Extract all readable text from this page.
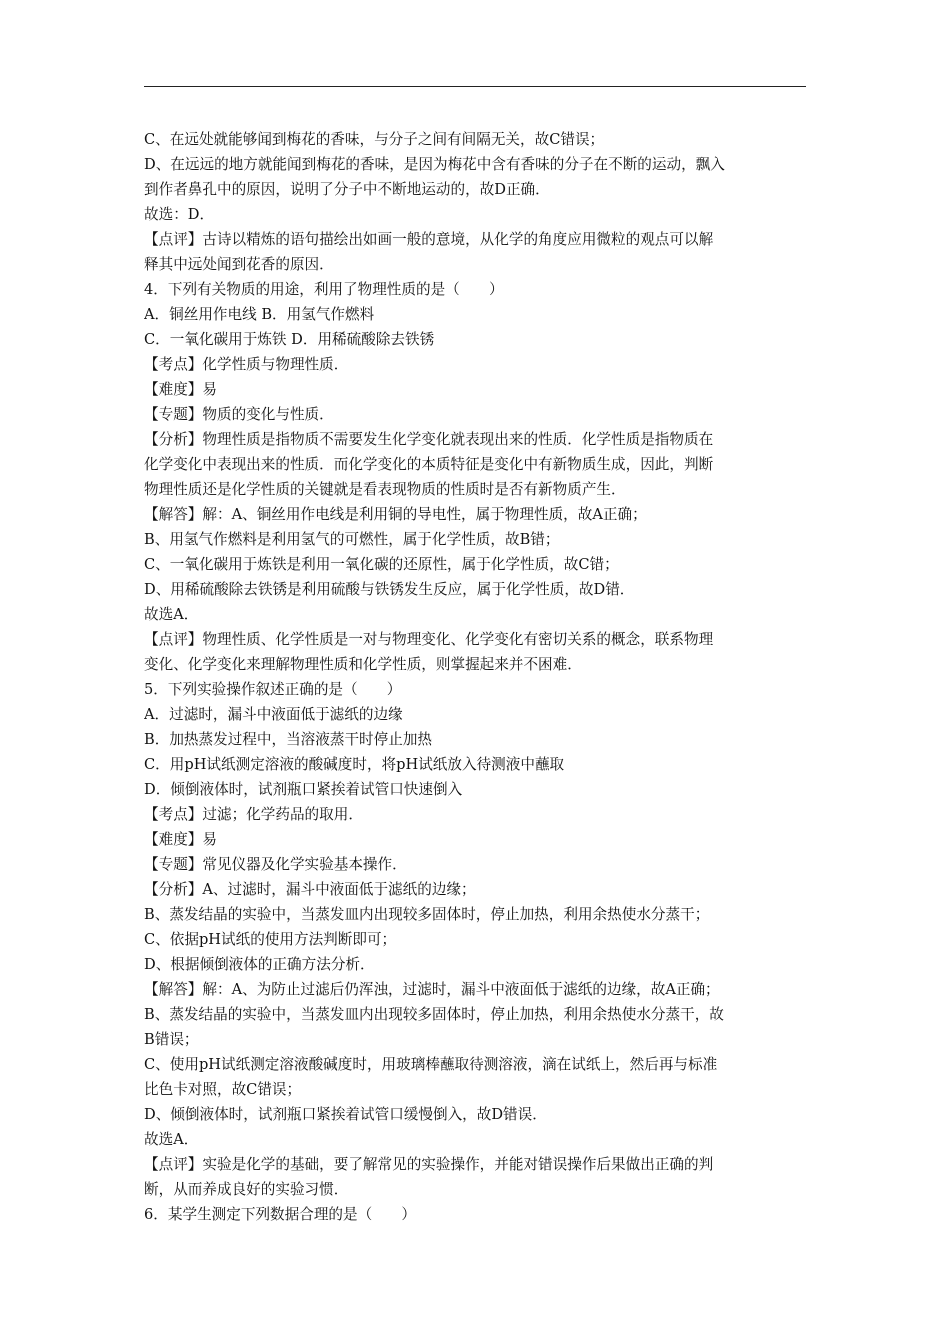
C、在远处就能够闻到梅花的香味，与分子之间有间隔无关，故C错误；
D、在远远的地方就能闻到梅花的香味，是因为梅花中含有香味的分子在不断的运动，飘入
到作者鼻孔中的原因，说明了分子中不断地运动的，故D正确．
故选：D．
【点评】古诗以精炼的语句描绘出如画一般的意境，从化学的角度应用微粒的观点可以解
释其中远处闻到花香的原因．
4．下列有关物质的用途，利用了物理性质的是（　　）
A．铜丝用作电线 B．用氢气作燃料
C．一氧化碳用于炼铁 D．用稀硫酸除去铁锈
【考点】化学性质与物理性质．
【难度】易
【专题】物质的变化与性质．
【分析】物理性质是指物质不需要发生化学变化就表现出来的性质．化学性质是指物质在
化学变化中表现出来的性质．而化学变化的本质特征是变化中有新物质生成，因此，判断
物理性质还是化学性质的关键就是看表现物质的性质时是否有新物质产生．
【解答】解：A、铜丝用作电线是利用铜的导电性，属于物理性质，故A正确；
B、用氢气作燃料是利用氢气的可燃性，属于化学性质，故B错；
C、一氧化碳用于炼铁是利用一氧化碳的还原性，属于化学性质，故C错；
D、用稀硫酸除去铁锈是利用硫酸与铁锈发生反应，属于化学性质，故D错．
故选A．
【点评】物理性质、化学性质是一对与物理变化、化学变化有密切关系的概念，联系物理
变化、化学变化来理解物理性质和化学性质，则掌握起来并不困难．
5．下列实验操作叙述正确的是（　　）
A．过滤时，漏斗中液面低于滤纸的边缘
B．加热蒸发过程中，当溶液蒸干时停止加热
C．用pH试纸测定溶液的酸碱度时，将pH试纸放入待测液中蘸取
D．倾倒液体时，试剂瓶口紧挨着试管口快速倒入
【考点】过滤；化学药品的取用．
【难度】易
【专题】常见仪器及化学实验基本操作．
【分析】A、过滤时，漏斗中液面低于滤纸的边缘；
B、蒸发结晶的实验中，当蒸发皿内出现较多固体时，停止加热，利用余热使水分蒸干；
C、依据pH试纸的使用方法判断即可；
D、根据倾倒液体的正确方法分析．
【解答】解：A、为防止过滤后仍浑浊，过滤时，漏斗中液面低于滤纸的边缘，故A正确；
B、蒸发结晶的实验中，当蒸发皿内出现较多固体时，停止加热，利用余热使水分蒸干，故
B错误；
C、使用pH试纸测定溶液酸碱度时，用玻璃棒蘸取待测溶液，滴在试纸上，然后再与标准
比色卡对照，故C错误；
D、倾倒液体时，试剂瓶口紧挨着试管口缓慢倒入，故D错误．
故选A．
【点评】实验是化学的基础，要了解常见的实验操作，并能对错误操作后果做出正确的判
断，从而养成良好的实验习惯．
6．某学生测定下列数据合理的是（　　）
